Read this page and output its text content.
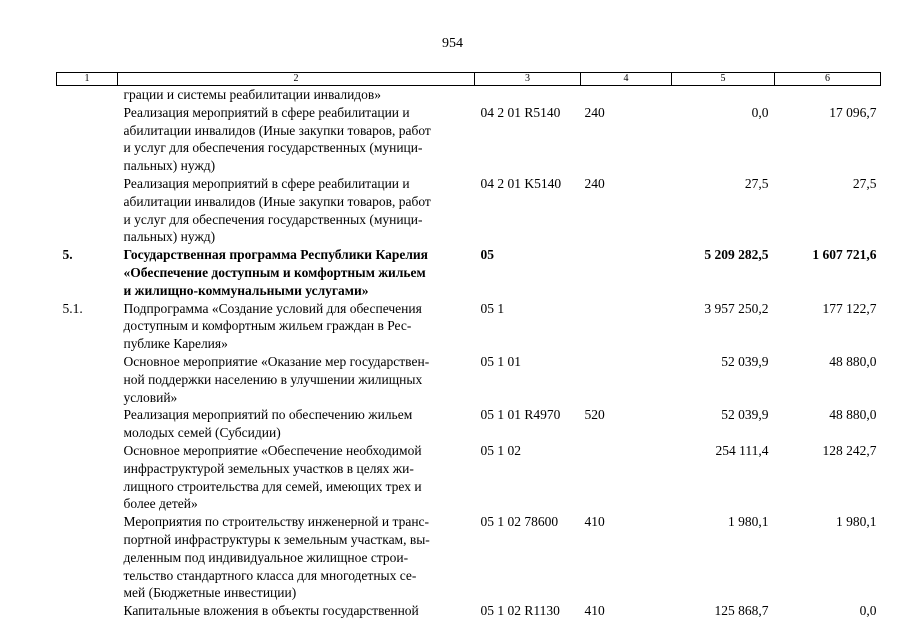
954
1	2	3	4	5	6

	грации и системы реабилитации инвалидов»				

	Реализация мероприятий в сфере реабилитации и
абилитации инвалидов (Иные закупки товаров, работ
и услуг для обеспечения государственных (муници-
пальных) нужд)	04 2 01 R5140	240	0,0	17 096,7

	Реализация мероприятий в сфере реабилитации и
абилитации инвалидов (Иные закупки товаров, работ
и услуг для обеспечения государственных (муници-
пальных) нужд)	04 2 01 K5140	240	27,5	27,5
5.	Государственная программа Республики Карелия
«Обеспечение доступным и комфортным жильем
и жилищно-коммунальными услугами»	05		5 209 282,5	1 607 721,6
5.1.	Подпрограмма «Создание условий для обеспечения
доступным и комфортным жильем граждан в Рес-
публике Карелия»	05 1		3 957 250,2	177 122,7

	Основное мероприятие «Оказание мер государствен-
ной поддержки населению в улучшении жилищных
условий»	05 1 01		52 039,9	48 880,0

	Реализация мероприятий по обеспечению жильем
молодых семей (Субсидии)	05 1 01 R4970	520	52 039,9	48 880,0

	Основное мероприятие «Обеспечение необходимой
инфраструктурой земельных участков в целях жи-
лищного строительства для семей, имеющих трех и
более детей»	05 1 02		254 111,4	128 242,7

	Мероприятия по строительству инженерной и транс-
портной инфраструктуры к земельным участкам, вы-
деленным под индивидуальное жилищное строи-
тельство стандартного класса для многодетных се-
мей (Бюджетные инвестиции)	05 1 02 78600	410	1 980,1	1 980,1

	Капитальные вложения в объекты государственной	05 1 02 R1130	410	125 868,7	0,0
